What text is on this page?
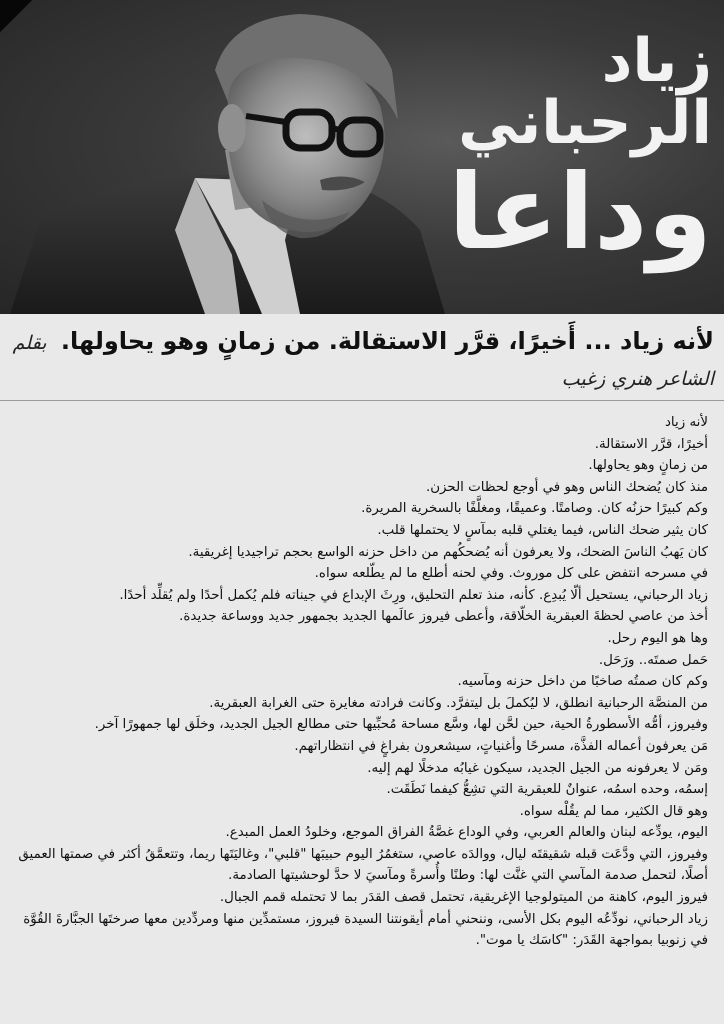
زياد
الرحباني
وداعا
لأنه زياد ... أَخيرًا، قرَّر الاستقالة. من زمانٍ وهو يحاولها. بقلم الشاعر هنري زغيب

لأنه زياد

أخيرًا، قرَّر الاستقالة.

من زمانٍ وهو يحاولها.

منذ كان يُضحك الناس وهو في أوجع لحظات الحزن.

وكم كبيرًا حزنُه كان. وصامتًا. وعميقًا، ومغلَّفًا بالسخرية المريرة.

كان يثير ضحك الناس، فيما يغتلي قلبه بمآسٍ لا يحتملها قلب.

كان يَهبُ الناسَ الضحك، ولا يعرفون أنه يُضحكُهم من داخل حزنه الواسع بحجم تراجيديا إغريقية.

في مسرحه انتفض على كل موروث. وفي لحنه أطلع ما لم يطّلعه سواه.

زياد الرحباني، يستحيل ألّا يُبدِع. كأنه، منذ تعلم التحليق، ورِثَ الإبداع في جيناته فلم يُكمل أحدًا ولم يُقلِّد أحدًا.

أخذ من عاصي لحظةَ العبقرية الخلّاقة، وأعطى فيروز عالَمها الجديد بجمهور جديد ووساعة جديدة.

وها هو اليوم رحل.

حَمل صمتَه.. ورَحَل.

وكم كان صمتُه صاخبًا من داخل حزنه ومآسيه.

من المنصَّة الرحبانية انطلق، لا ليُكملَ بل ليتفرَّد. وكانت فرادته مغايرة حتى الغرابة العبقرية.

وفيروز، أمُّه الأسطورةُ الحية، حين لحَّن لها، وسَّع مساحة مُحبِّيها حتى مطالع الجيل الجديد، وخلَق لها جمهورًا آخر.

مَن يعرفون أعماله الفذَّة، مسرحًا وأغنياتٍ، سيشعرون بفراغٍ في انتظاراتهم.

ومَن لا يعرفونه من الجيل الجديد، سيكون غيابُه مدخلًا لهم إليه.

إسمُه، وحده اسمُه، عنوانٌ للعبقرية التي تشِعُّ كيفما نَطَقَت.

وهو قال الكثير، مما لم يقُلْه سواه.

اليوم، يودِّعه لبنان والعالم العربي، وفي الوداع غصَّةُ الفراق الموجع، وخلودُ العمل المبدع.

وفيروز، التي ودَّعَت قبله شقيقتَه ليال، ووالدَه عاصي، ستغمُرُ اليوم حبيبَها "قلبي"، وغاليَتَها ريما، وتتعمَّقُ أكثر في صمتها العميق أصلًا، لتحمل صدمة المآسي التي غنَّت لها: وطنًا وأُسرةً ومآسيَ لا حدَّ لوحشيتها الصادمة.

فيروز اليوم، كاهنة من الميتولوجيا الإغريقية، تحتمل قصف القدَر بما لا تحتمله قمم الجبال.

زياد الرحباني، نودِّعُه اليوم بكل الأسى، وننحني أمام أيقونتنا السيدة فيروز، مستمدِّين منها ومردِّدين معها صرختَها الجبَّارةَ القُوَّة في زنوبيا بمواجهة القَدَر: "كاسَك يا موت".
